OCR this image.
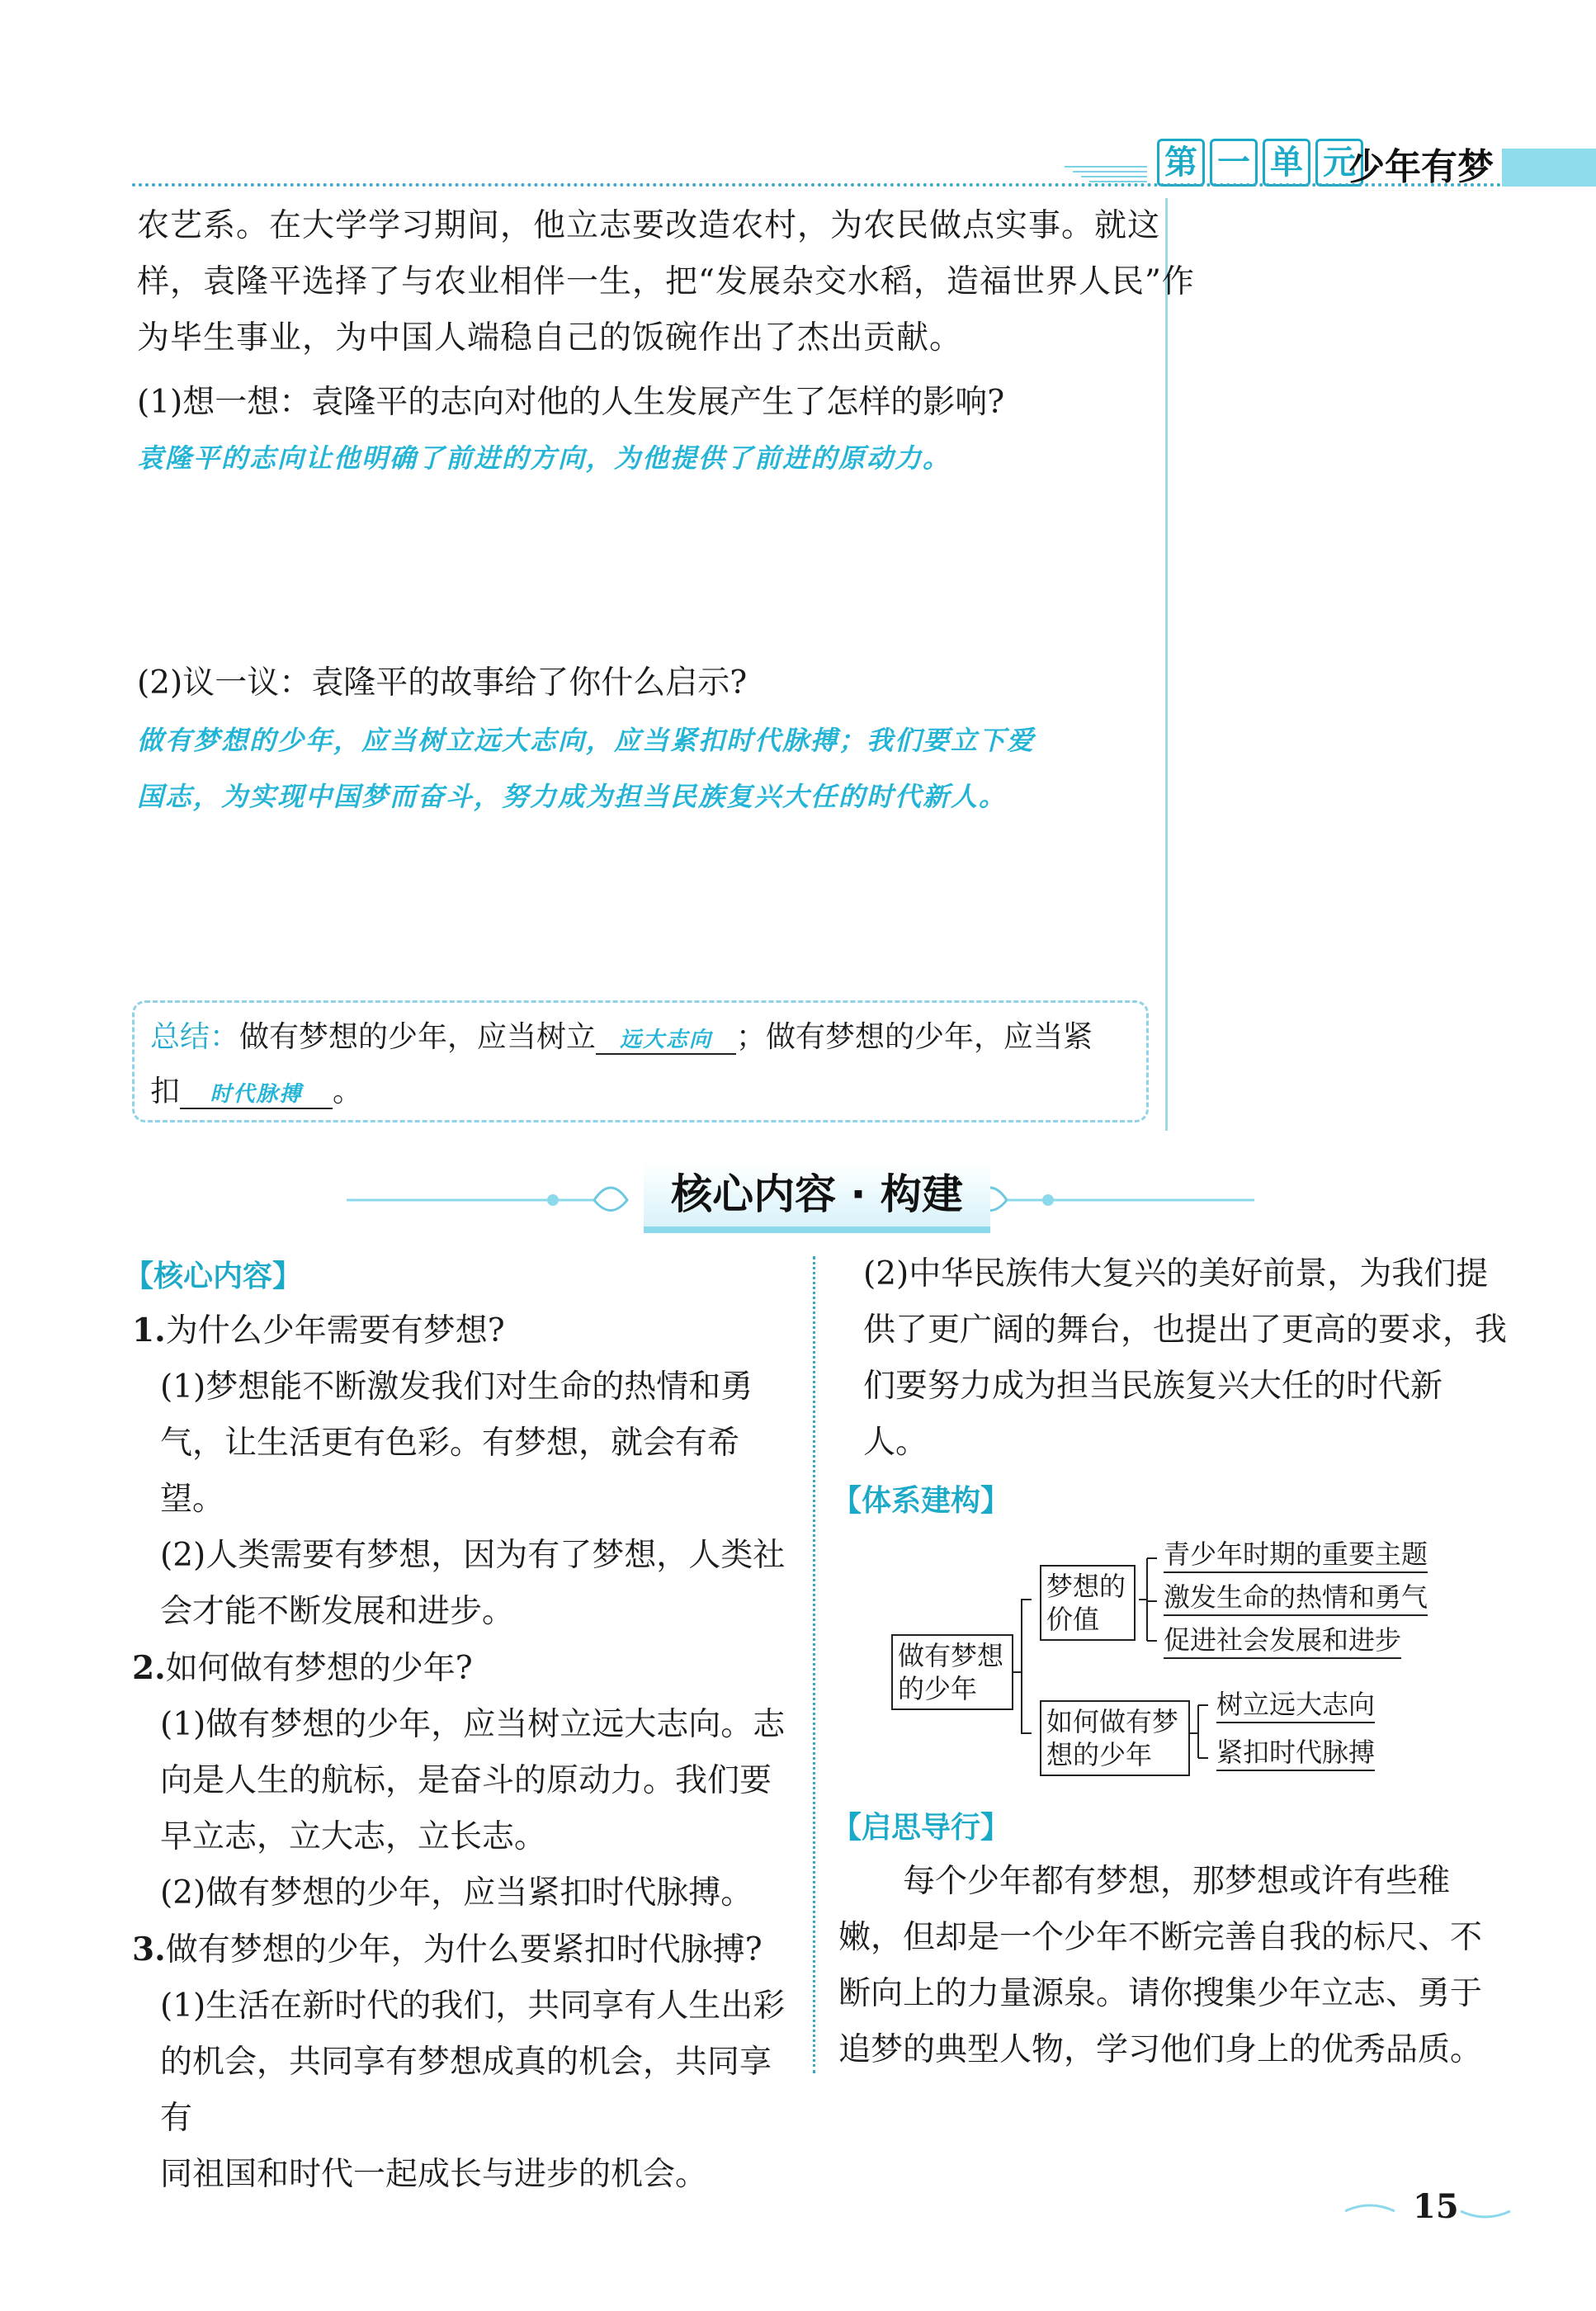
第 一 单 元
少年有梦
农艺系。在大学学习期间，他立志要改造农村，为农民做点实事。就这
样，袁隆平选择了与农业相伴一生，把“发展杂交水稻，造福世界人民”作
为毕生事业，为中国人端稳自己的饭碗作出了杰出贡献。
(1)想一想：袁隆平的志向对他的人生发展产生了怎样的影响?
袁隆平的志向让他明确了前进的方向，为他提供了前进的原动力。
(2)议一议：袁隆平的故事给了你什么启示?
做有梦想的少年，应当树立远大志向，应当紧扣时代脉搏；我们要立下爱
国志，为实现中国梦而奋斗，努力成为担当民族复兴大任的时代新人。
总结：做有梦想的少年，应当树立 远大志向 ；做有梦想的少年，应当紧
扣 时代脉搏 。
核心内容 · 构建
【核心内容】
1.为什么少年需要有梦想?
(1)梦想能不断激发我们对生命的热情和勇
气，让生活更有色彩。有梦想，就会有希望。
(2)人类需要有梦想，因为有了梦想，人类社
会才能不断发展和进步。
2.如何做有梦想的少年?
(1)做有梦想的少年，应当树立远大志向。志
向是人生的航标，是奋斗的原动力。我们要
早立志，立大志，立长志。
(2)做有梦想的少年，应当紧扣时代脉搏。
3.做有梦想的少年，为什么要紧扣时代脉搏?
(1)生活在新时代的我们，共同享有人生出彩
的机会，共同享有梦想成真的机会，共同享有
同祖国和时代一起成长与进步的机会。
(2)中华民族伟大复兴的美好前景，为我们提
供了更广阔的舞台，也提出了更高的要求，我
们要努力成为担当民族复兴大任的时代新
人。
【体系建构】
做有梦想的少年
梦想的价值
青少年时期的重要主题
激发生命的热情和勇气
促进社会发展和进步
如何做有梦想的少年
树立远大志向
紧扣时代脉搏
【启思导行】
每个少年都有梦想，那梦想或许有些稚
嫩，但却是一个少年不断完善自我的标尺、不
断向上的力量源泉。请你搜集少年立志、勇于
追梦的典型人物，学习他们身上的优秀品质。
15
